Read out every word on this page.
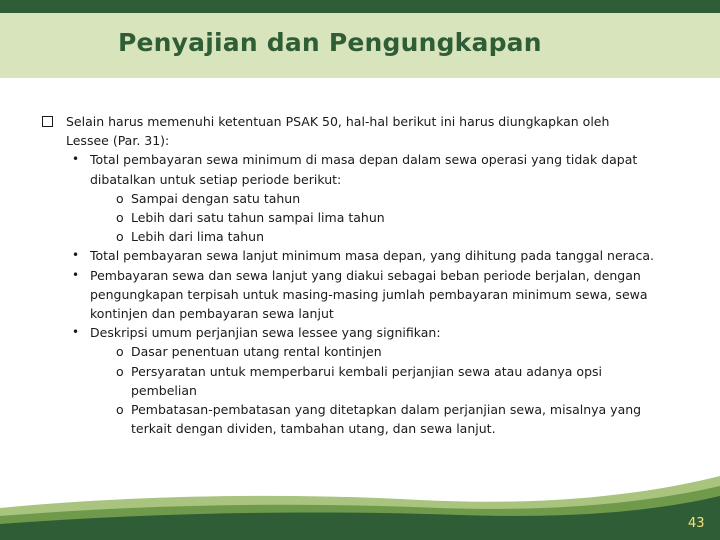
Penyajian dan Pengungkapan
Selain harus memenuhi ketentuan PSAK 50, hal-hal berikut ini harus diungkapkan oleh
Lessee (Par. 31):
• Total pembayaran sewa minimum di masa depan dalam sewa operasi yang tidak dapat
dibatalkan untuk setiap periode berikut:
o Sampai dengan satu tahun
o Lebih dari satu tahun sampai lima tahun
o Lebih dari lima tahun
• Total pembayaran sewa lanjut minimum masa depan, yang dihitung pada tanggal neraca.
• Pembayaran sewa dan sewa lanjut yang diakui sebagai beban periode berjalan, dengan
pengungkapan terpisah untuk masing-masing jumlah pembayaran minimum sewa, sewa
kontinjen dan pembayaran sewa lanjut
• Deskripsi umum perjanjian sewa lessee yang signifikan:
o Dasar penentuan utang rental kontinjen
o Persyaratan untuk memperbarui kembali perjanjian sewa atau adanya opsi
pembelian
o Pembatasan-pembatasan yang ditetapkan dalam perjanjian sewa, misalnya yang
terkait dengan dividen, tambahan utang, dan sewa lanjut.
43
